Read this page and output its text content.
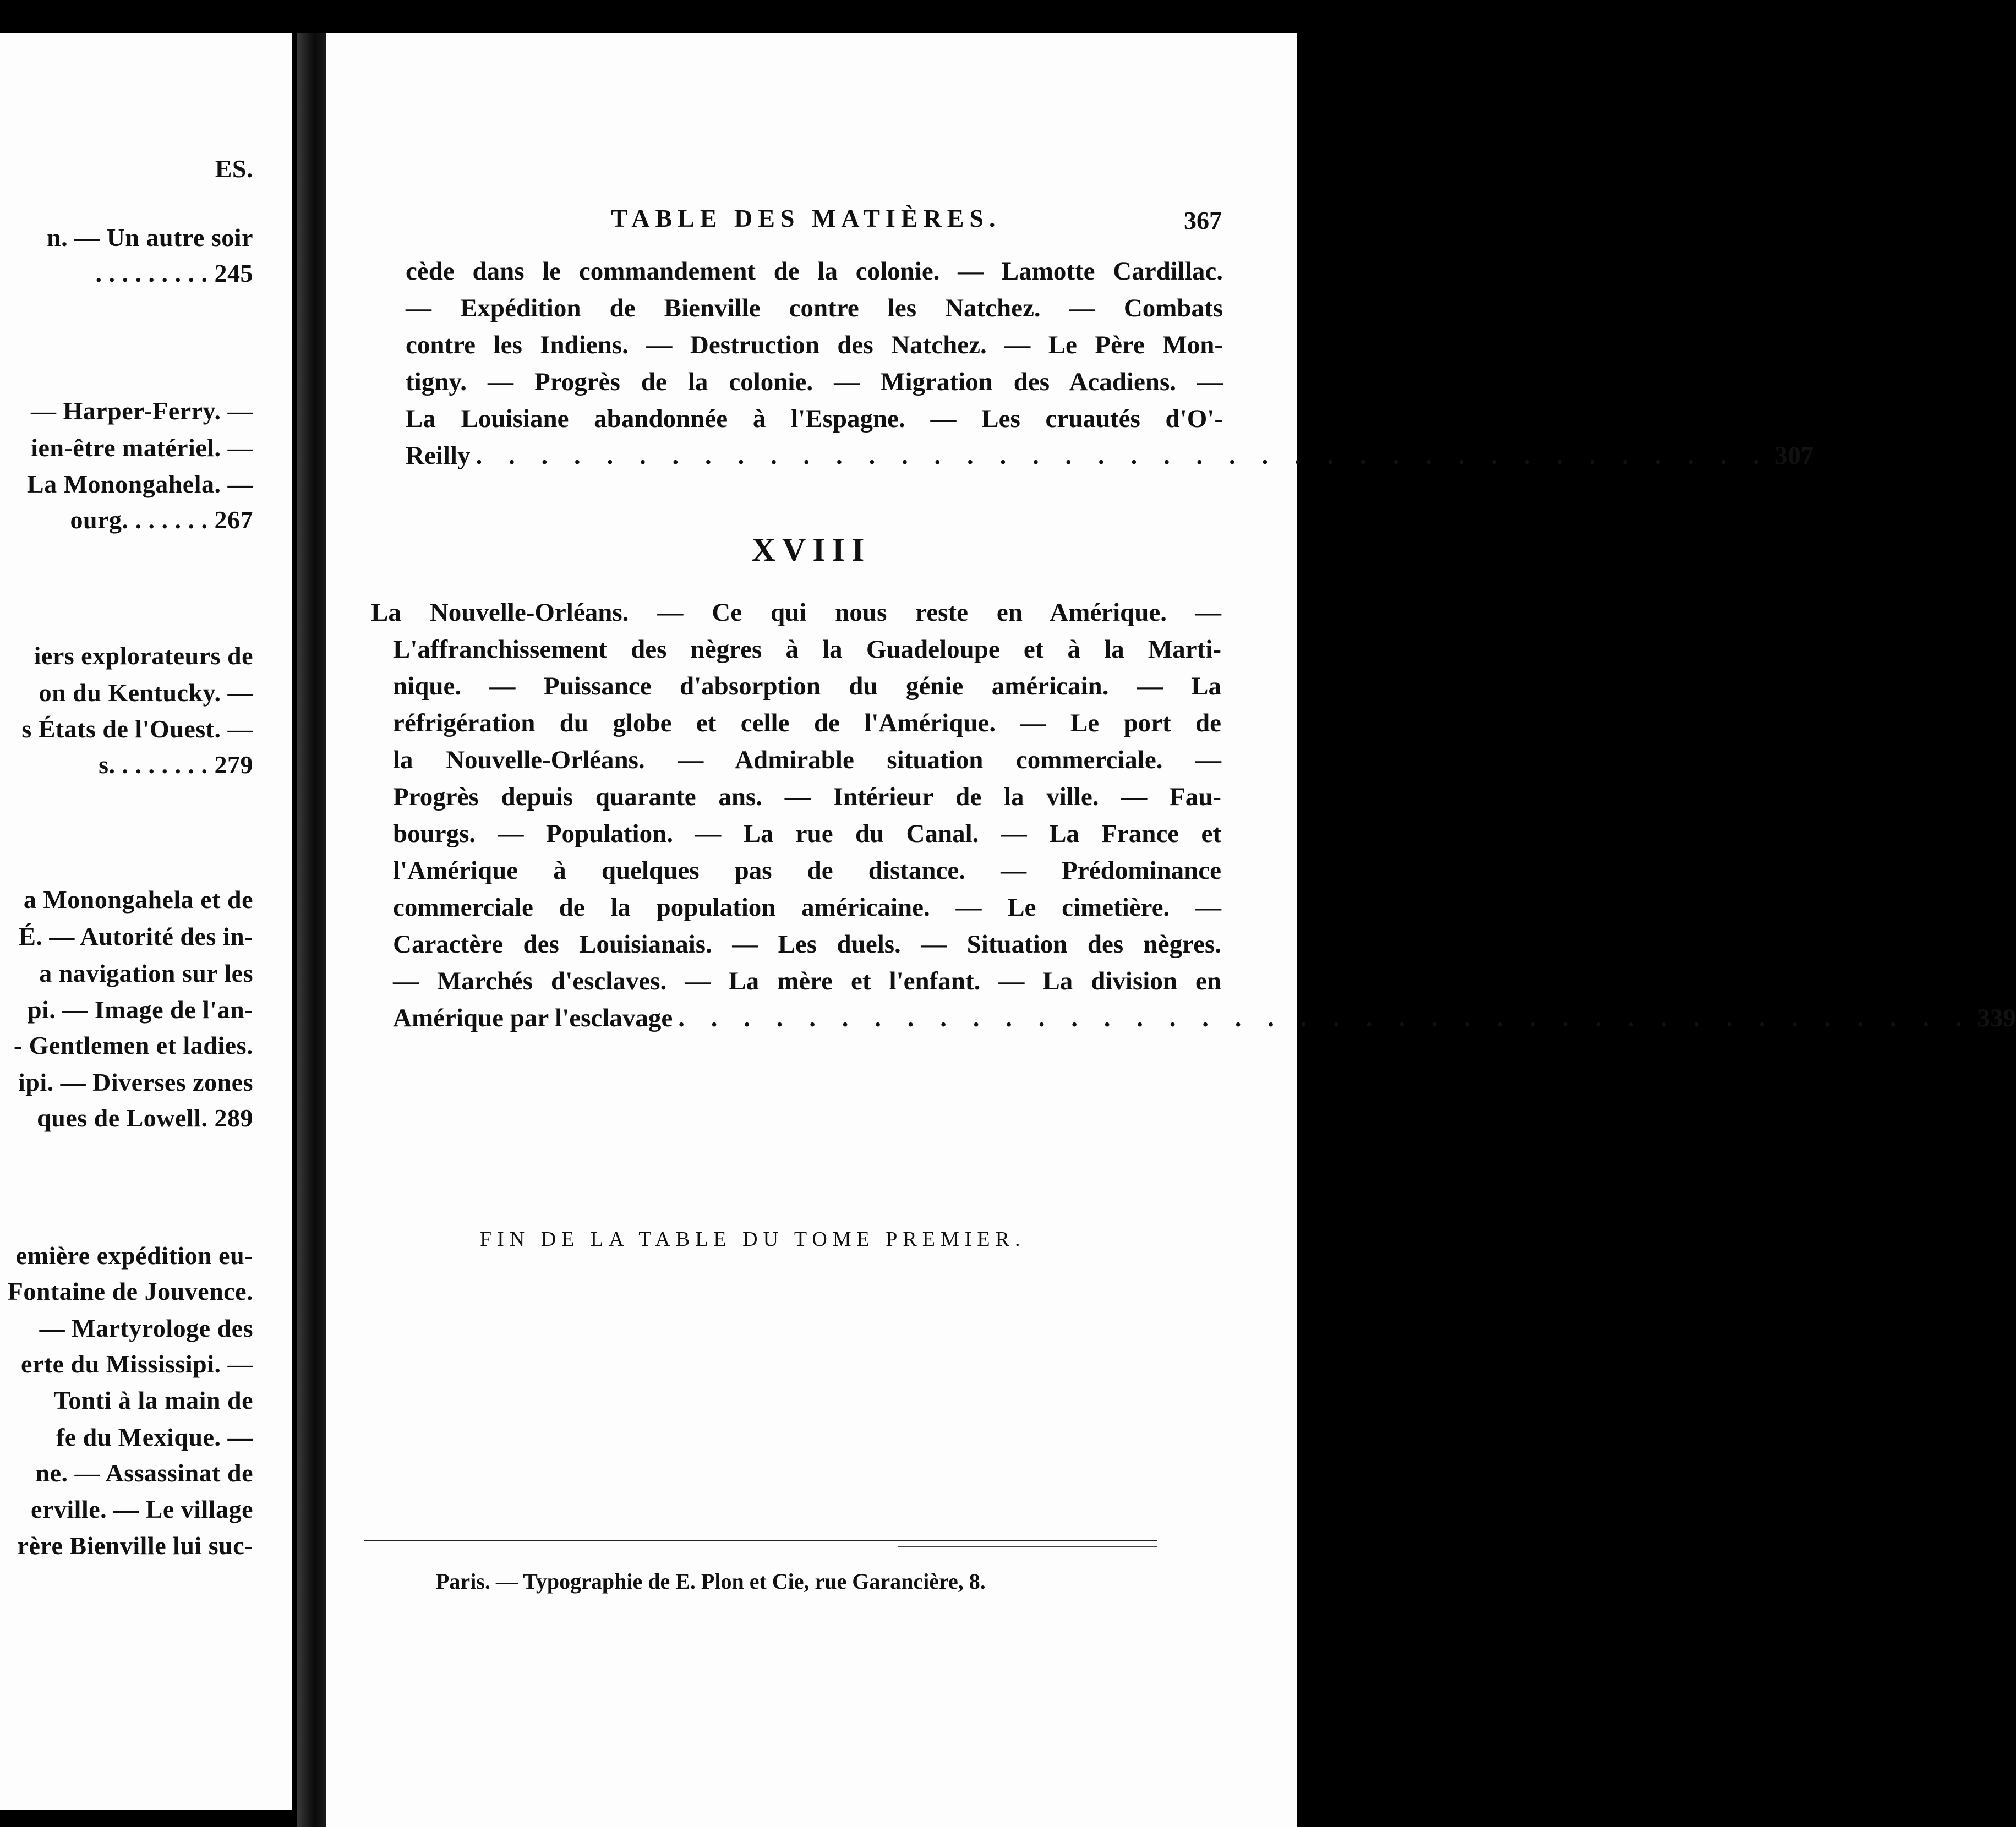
ES.
n. — Un autre soir
. . . . . . . . . 245
— Harper-Ferry. —
ien-être matériel. —
La Monongahela. —
ourg. . . . . . . 267
iers explorateurs de
on du Kentucky. —
s États de l'Ouest. —
s. . . . . . . . 279
a Monongahela et de
É. — Autorité des in-
a navigation sur les
pi. — Image de l'an-
- Gentlemen et ladies.
ipi. — Diverses zones
ques de Lowell. 289
emière expédition eu-
Fontaine de Jouvence.
— Martyrologe des
erte du Mississipi. —
Tonti à la main de
fe du Mexique. —
ne. — Assassinat de
erville. — Le village
rère Bienville lui suc-
TABLE DES MATIÈRES.	367
cède dans le commandement de la colonie. — Lamotte Cardillac.
— Expédition de Bienville contre les Natchez. — Combats
contre les Indiens. — Destruction des Natchez. — Le Père Mon-
tigny. — Progrès de la colonie. — Migration des Acadiens. —
La Louisiane abandonnée à l'Espagne. — Les cruautés d'O'-
Reilly . . . . . . . . . . . . . . . . . . . . . . . . . . . . . . . . . . . . . . . . 307
XVIII
La Nouvelle-Orléans. — Ce qui nous reste en Amérique. —
L'affranchissement des nègres à la Guadeloupe et à la Marti-
nique. — Puissance d'absorption du génie américain. — La
réfrigération du globe et celle de l'Amérique. — Le port de
la Nouvelle-Orléans. — Admirable situation commerciale. —
Progrès depuis quarante ans. — Intérieur de la ville. — Fau-
bourgs. — Population. — La rue du Canal. — La France et
l'Amérique à quelques pas de distance. — Prédominance
commerciale de la population américaine. — Le cimetière. —
Caractère des Louisianais. — Les duels. — Situation des nègres.
— Marchés d'esclaves. — La mère et l'enfant. — La division en
Amérique par l'esclavage . . . . . . . . . . . . . . . . . . . . . . . . . . . . . . . . . . . . . . . . 339
FIN DE LA TABLE DU TOME PREMIER.
Paris. — Typographie de E. Plon et Cie, rue Garancière, 8.
